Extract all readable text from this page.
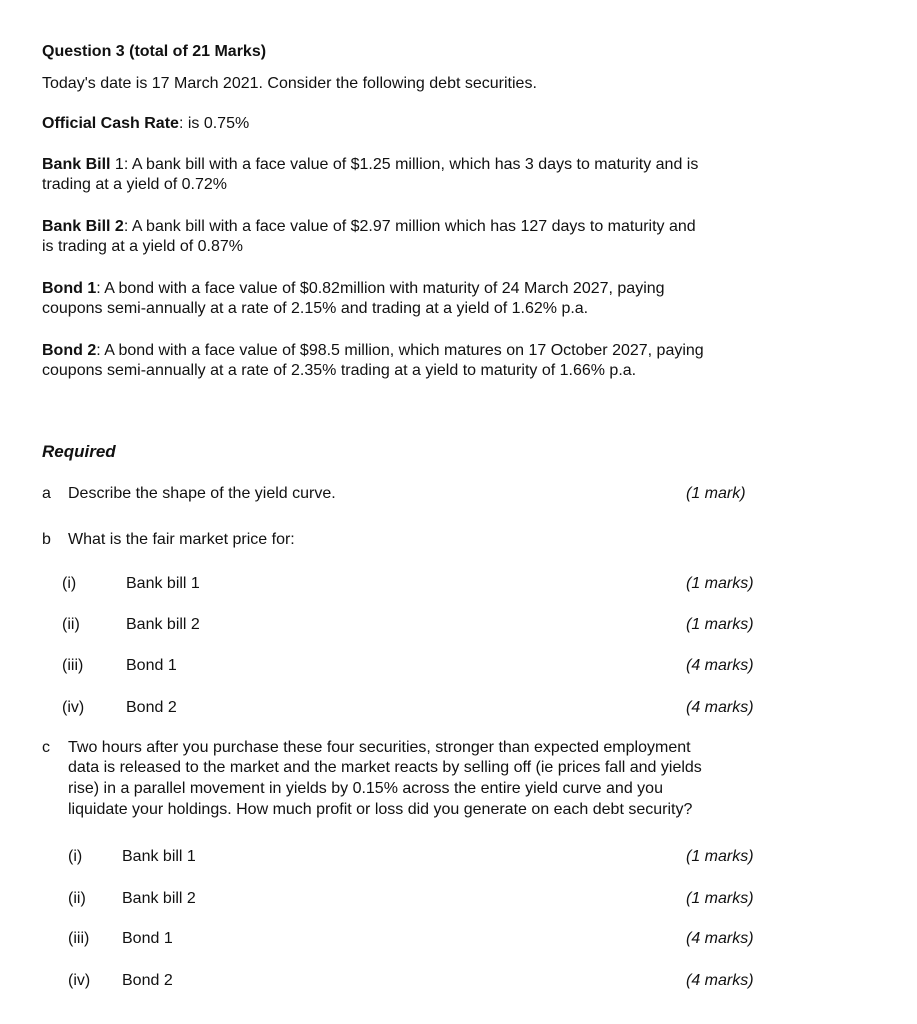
Question 3 (total of 21 Marks)
Today's date is 17 March 2021. Consider the following debt securities.
Official Cash Rate: is 0.75%
Bank Bill 1: A bank bill with a face value of $1.25 million, which has 3 days to maturity and is
trading at a yield of 0.72%
Bank Bill 2: A bank bill with a face value of $2.97 million which has 127 days to maturity and
is trading at a yield of 0.87%
Bond 1: A bond with a face value of $0.82million with maturity of 24 March 2027, paying
coupons semi-annually at a rate of 2.15% and trading at a yield of 1.62% p.a.
Bond 2: A bond with a face value of $98.5 million, which matures on 17 October 2027, paying
coupons semi-annually at a rate of 2.35% trading at a yield to maturity of 1.66% p.a.
Required
a Describe the shape of the yield curve.	(1 mark)
b What is the fair market price for:
(i)	Bank bill 1	(1 marks)
(ii)	Bank bill 2	(1 marks)
(iii)	Bond 1	(4 marks)
(iv)	Bond 2	(4 marks)
c Two hours after you purchase these four securities, stronger than expected employment
data is released to the market and the market reacts by selling off (ie prices fall and yields
rise) in a parallel movement in yields by 0.15% across the entire yield curve and you
liquidate your holdings. How much profit or loss did you generate on each debt security?
(i) Bank bill 1	(1 marks)
(ii) Bank bill 2	(1 marks)
(iii) Bond 1	(4 marks)
(iv) Bond 2	(4 marks)
